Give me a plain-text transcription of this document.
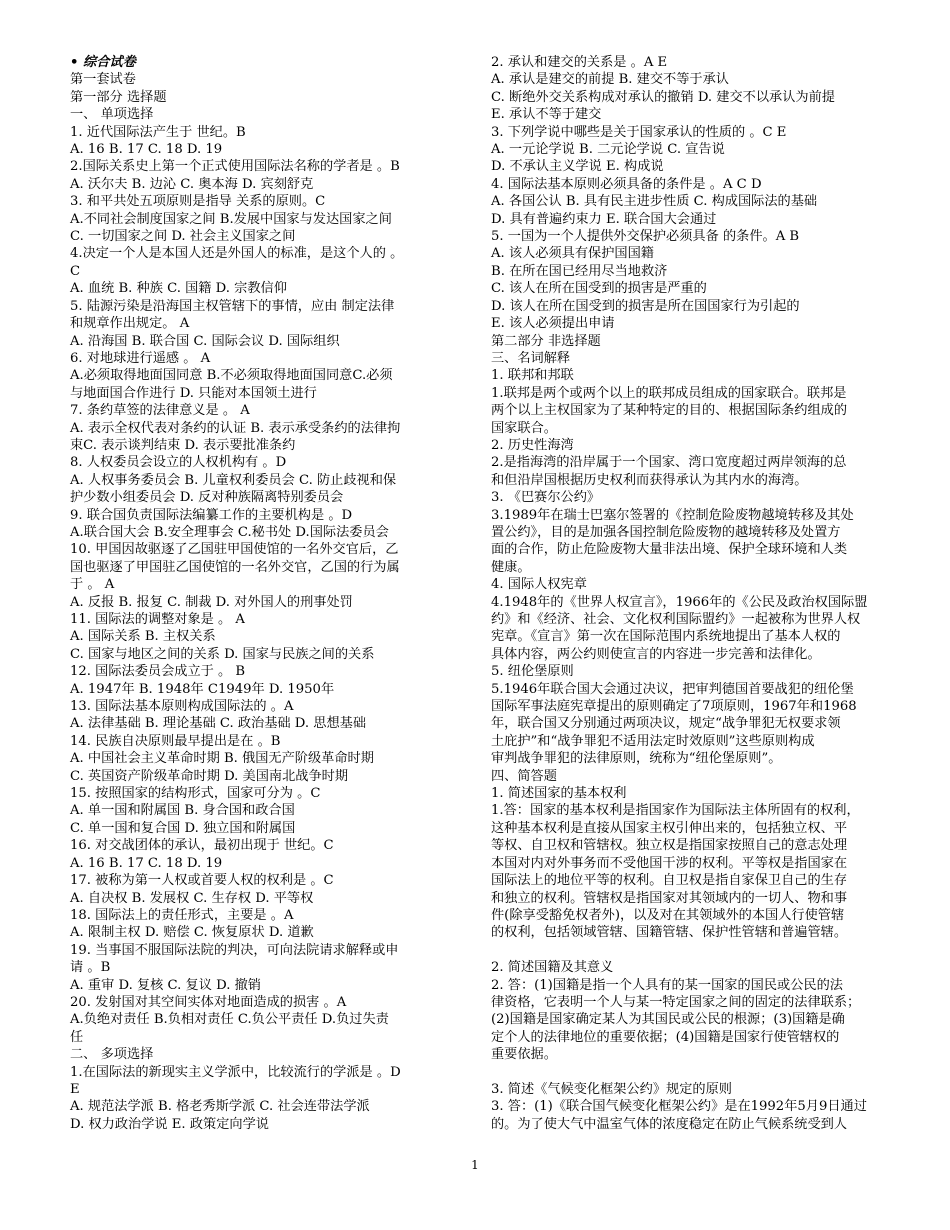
• 综合试卷
第一套试卷
第一部分 选择题
一、 单项选择
1. 近代国际法产生于 世纪。B
A. 16 B. 17 C. 18 D. 19
2.国际关系史上第一个正式使用国际法名称的学者是 。B
A. 沃尔夫 B. 边沁 C. 奥本海 D. 宾刻舒克
3. 和平共处五项原则是指导 关系的原则。C
A.不同社会制度国家之间 B.发展中国家与发达国家之间
C. 一切国家之间 D. 社会主义国家之间
4.决定一个人是本国人还是外国人的标准，是这个人的 。
C
A. 血统 B. 种族 C. 国籍 D. 宗教信仰
5. 陆源污染是沿海国主权管辖下的事情，应由 制定法律
和规章作出规定。 A
A. 沿海国 B. 联合国 C. 国际会议 D. 国际组织
6. 对地球进行遥感 。 A
A.必须取得地面国同意 B.不必须取得地面国同意C.必须
与地面国合作进行 D. 只能对本国领土进行
7. 条约草签的法律意义是 。 A
A. 表示全权代表对条约的认证 B. 表示承受条约的法律拘
束C. 表示谈判结束 D. 表示要批准条约
8. 人权委员会设立的人权机构有 。D
A. 人权事务委员会 B. 儿童权利委员会 C. 防止歧视和保
护少数小组委员会 D. 反对种族隔离特别委员会
9. 联合国负责国际法编纂工作的主要机构是 。D
A.联合国大会 B.安全理事会 C.秘书处 D.国际法委员会
10. 甲国因故驱逐了乙国驻甲国使馆的一名外交官后，乙
国也驱逐了甲国驻乙国使馆的一名外交官，乙国的行为属
于 。 A
A. 反报 B. 报复 C. 制裁 D. 对外国人的刑事处罚
11. 国际法的调整对象是 。 A
A. 国际关系 B. 主权关系
C. 国家与地区之间的关系 D. 国家与民族之间的关系
12. 国际法委员会成立于 。 B
A. 1947年 B. 1948年 C1949年 D. 1950年
13. 国际法基本原则构成国际法的 。A
A. 法律基础 B. 理论基础 C. 政治基础 D. 思想基础
14. 民族自决原则最早提出是在 。B
A. 中国社会主义革命时期 B. 俄国无产阶级革命时期
C. 英国资产阶级革命时期 D. 美国南北战争时期
15. 按照国家的结构形式，国家可分为 。C
A. 单一国和附属国 B. 身合国和政合国
C. 单一国和复合国 D. 独立国和附属国
16. 对交战团体的承认，最初出现于 世纪。C
A. 16 B. 17 C. 18 D. 19
17. 被称为第一人权或首要人权的权利是 。C
A. 自决权 B. 发展权 C. 生存权 D. 平等权
18. 国际法上的责任形式，主要是 。A
A. 限制主权 D. 赔偿 C. 恢复原状 D. 道歉
19. 当事国不服国际法院的判决，可向法院请求解释或申
请 。B
A. 重审 D. 复核 C. 复议 D. 撤销
20. 发射国对其空间实体对地面造成的损害 。A
A.负绝对责任 B.负相对责任 C.负公平责任 D.负过失责
任
二、 多项选择
1.在国际法的新现实主义学派中，比较流行的学派是 。D
E
A. 规范法学派 B. 格老秀斯学派 C. 社会连带法学派
D. 权力政治学说 E. 政策定向学说
2. 承认和建交的关系是 。A E
A. 承认是建交的前提 B. 建交不等于承认
C. 断绝外交关系构成对承认的撤销 D. 建交不以承认为前提
E. 承认不等于建交
3. 下列学说中哪些是关于国家承认的性质的 。C E
A. 一元论学说 B. 二元论学说 C. 宣告说
D. 不承认主义学说 E. 构成说
4. 国际法基本原则必须具备的条件是 。A C D
A. 各国公认 B. 具有民主进步性质 C. 构成国际法的基础
D. 具有普遍约束力 E. 联合国大会通过
5. 一国为一个人提供外交保护必须具备 的条件。A B
A. 该人必须具有保护国国籍
B. 在所在国已经用尽当地救济
C. 该人在所在国受到的损害是严重的
D. 该人在所在国受到的损害是所在国国家行为引起的
E. 该人必须提出申请
第二部分 非选择题
三、名词解释
1. 联邦和邦联
1.联邦是两个或两个以上的联邦成员组成的国家联合。联邦是
两个以上主权国家为了某种特定的目的、根据国际条约组成的
国家联合。
2. 历史性海湾
2.是指海湾的沿岸属于一个国家、湾口宽度超过两岸领海的总
和但沿岸国根据历史权利而获得承认为其内水的海湾。
3. 《巴赛尔公约》
3.1989年在瑞士巴塞尔签署的《控制危险废物越境转移及其处
置公约》，目的是加强各国控制危险废物的越境转移及处置方
面的合作，防止危险废物大量非法出境、保护全球环境和人类
健康。
4. 国际人权宪章
4.1948年的《世界人权宣言》，1966年的《公民及政治权国际盟
约》和《经济、社会、文化权利国际盟约》一起被称为世界人权
宪章。《宣言》第一次在国际范围内系统地提出了基本人权的
具体内容，两公约则使宣言的内容进一步完善和法律化。
5. 纽伦堡原则
5.1946年联合国大会通过决议，把审判德国首要战犯的纽伦堡
国际军事法庭宪章提出的原则确定了7项原则，1967年和1968
年，联合国又分别通过两项决议，规定“战争罪犯无权要求领
土庇护”和“战争罪犯不适用法定时效原则”这些原则构成
审判战争罪犯的法律原则，统称为“纽伦堡原则”。
四、简答题
1. 简述国家的基本权利
1.答：国家的基本权利是指国家作为国际法主体所固有的权利，
这种基本权利是直接从国家主权引伸出来的，包括独立权、平
等权、自卫权和管辖权。独立权是指国家按照自己的意志处理
本国对内对外事务而不受他国干涉的权利。平等权是指国家在
国际法上的地位平等的权利。自卫权是指自家保卫自己的生存
和独立的权利。管辖权是指国家对其领域内的一切人、物和事
件(除享受豁免权者外)，以及对在其领域外的本国人行使管辖
的权利，包括领域管辖、国籍管辖、保护性管辖和普遍管辖。
2. 简述国籍及其意义
2. 答：(1)国籍是指一个人具有的某一国家的国民或公民的法
律资格，它表明一个人与某一特定国家之间的固定的法律联系；
(2)国籍是国家确定某人为其国民或公民的根源；(3)国籍是确
定个人的法律地位的重要依据；(4)国籍是国家行使管辖权的
重要依据。
3. 简述《气候变化框架公约》规定的原则
3. 答：(1)《联合国气候变化框架公约》是在1992年5月9日通过
的。为了使大气中温室气体的浓度稳定在防止气候系统受到人
1
